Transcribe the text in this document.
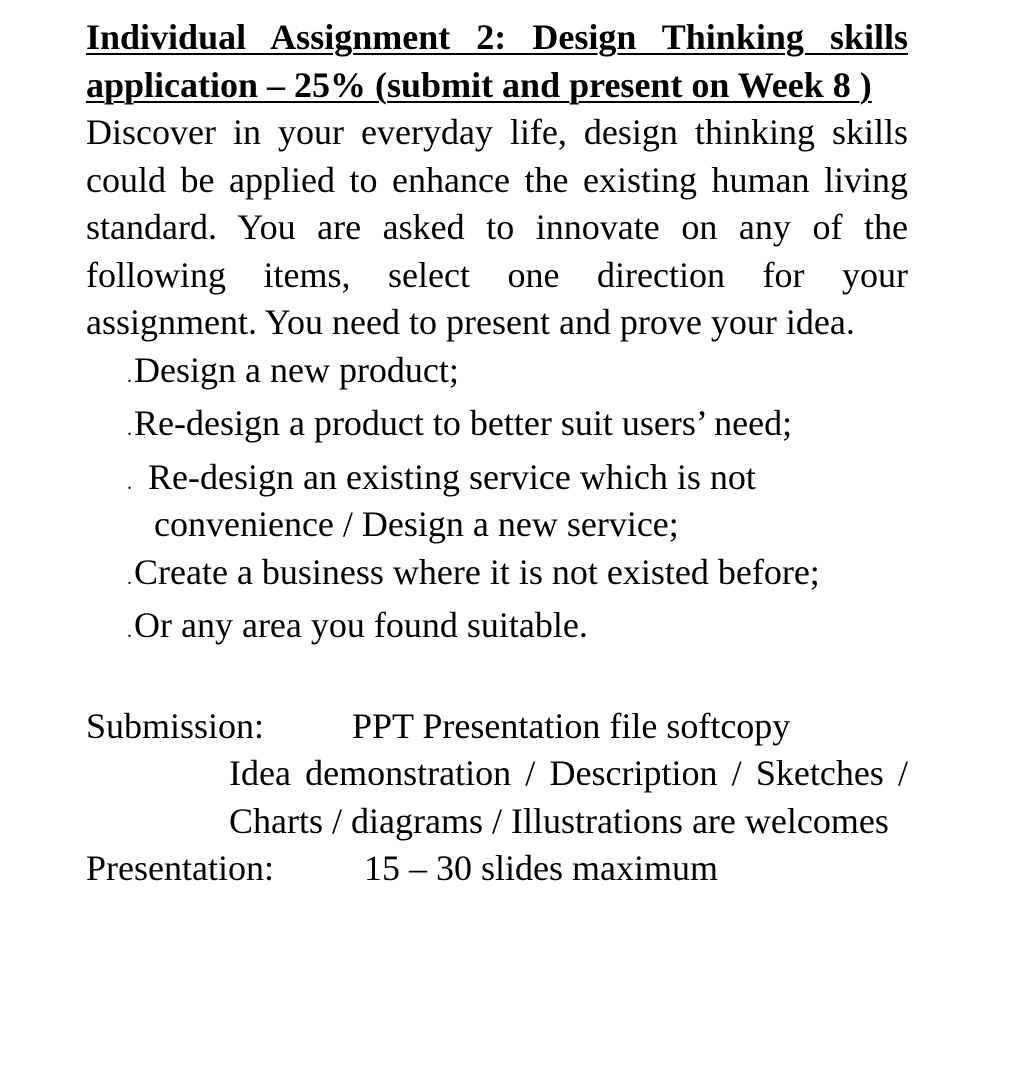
Individual Assignment 2: Design Thinking skills application – 25% (submit and present on Week 8 )

Discover in your everyday life, design thinking skills could be applied to enhance the existing human living standard. You are asked to innovate on any of the following items, select one direction for your assignment. You need to present and prove your idea.

. Design a new product;
. Re-design a product to better suit users’ need;
. Re-design an existing service which is not
convenience / Design a new service;
. Create a business where it is not existed before;
. Or any area you found suitable.
Submission:	PPT Presentation file softcopy
Idea demonstration / Description / Sketches / Charts / diagrams / Illustrations are welcomes
Presentation:	15 – 30 slides maximum
